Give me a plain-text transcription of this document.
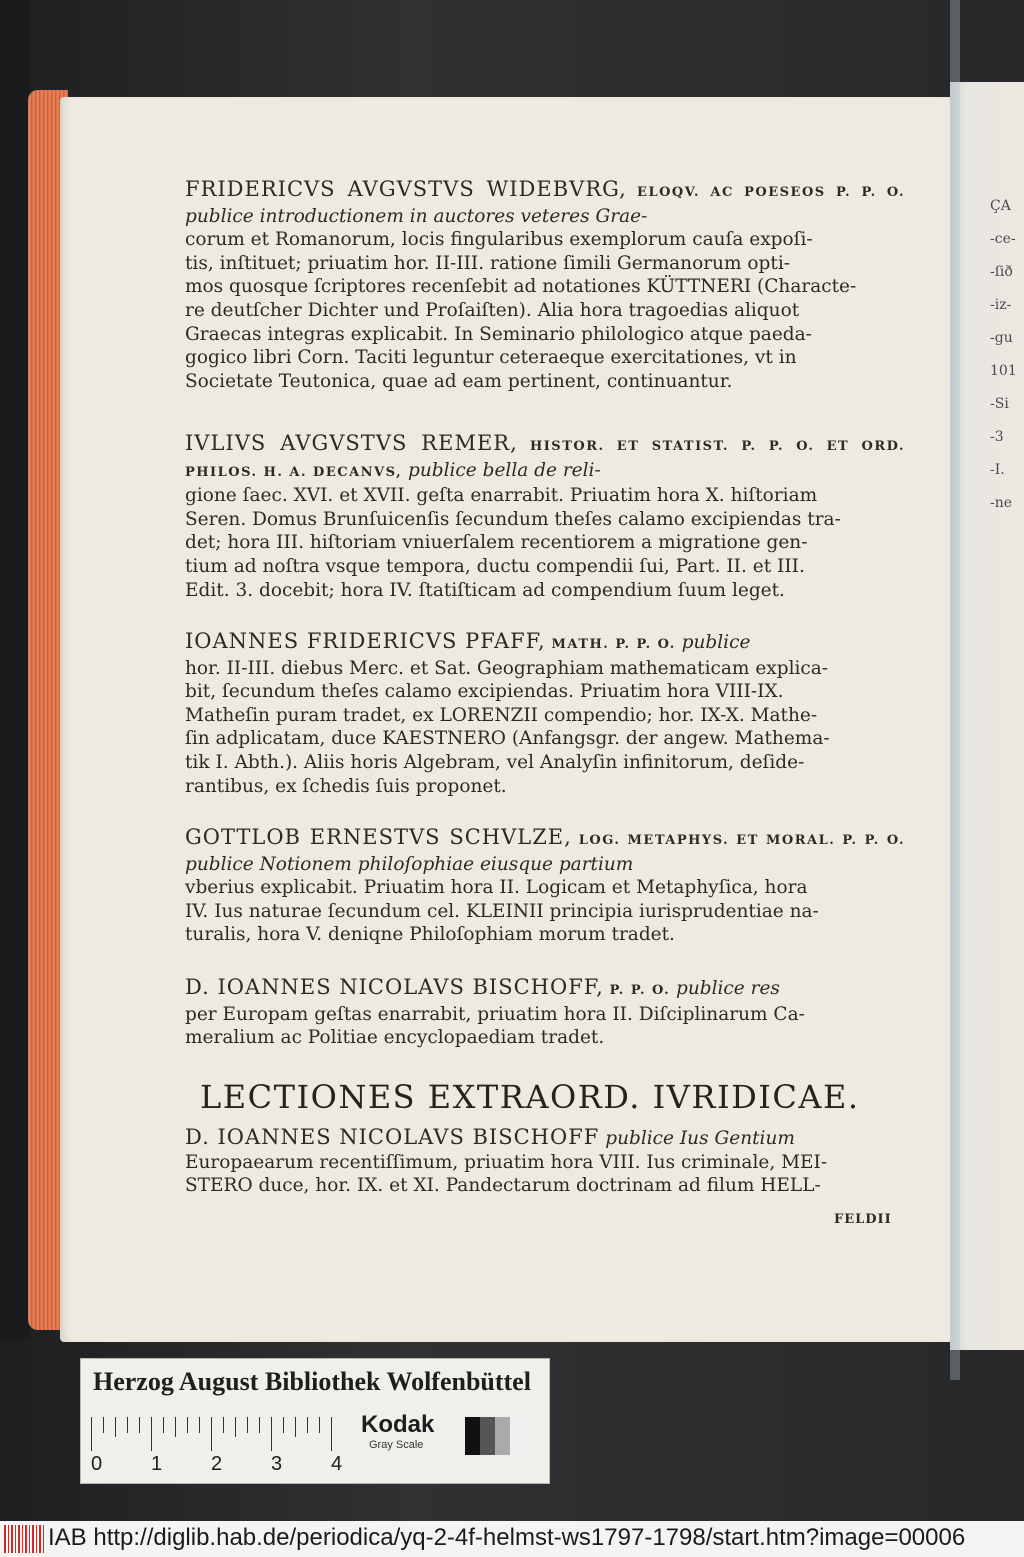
ÇA
-ce-
-ſið
-iz-
-gu
101
-Si
-3
-I.
-ne
FRIDERICVS AVGVSTVS WIDEBVRG, ELOQV. AC POESEOS P. P. O. publice introductionem in auctores veteres Grae-
corum et Romanorum, locis fingularibus exemplorum cauſa expoſi-
tis, inſtituet; priuatim hor. II-III. ratione ſimili Germanorum opti-
mos quosque ſcriptores recenſebit ad notationes KÜTTNERI (Characte-
re deutſcher Dichter und Proſaiſten). Alia hora tragoedias aliquot
Graecas integras explicabit. In Seminario philologico atque paeda-
gogico libri Corn. Taciti leguntur ceteraeque exercitationes, vt in
Societate Teutonica, quae ad eam pertinent, continuantur.
IVLIVS AVGVSTVS REMER, HISTOR. ET STATIST. P. P. O. ET ORD. PHILOS. H. A. DECANVS, publice bella de reli-
gione ſaec. XVI. et XVII. geſta enarrabit. Priuatim hora X. hiſtoriam
Seren. Domus Brunſuicenſis ſecundum theſes calamo excipiendas tra-
det; hora III. hiſtoriam vniuerſalem recentiorem a migratione gen-
tium ad noſtra vsque tempora, ductu compendii ſui, Part. II. et III.
Edit. 3. docebit; hora IV. ſtatiſticam ad compendium ſuum leget.
IOANNES FRIDERICVS PFAFF, MATH. P. P. O. publice
hor. II-III. diebus Merc. et Sat. Geographiam mathematicam explica-
bit, ſecundum theſes calamo excipiendas. Priuatim hora VIII-IX.
Matheſin puram tradet, ex LORENZII compendio; hor. IX-X. Mathe-
ſin adplicatam, duce KAESTNERO (Anfangsgr. der angew. Mathema-
tik I. Abth.). Aliis horis Algebram, vel Analyſin infinitorum, deſide-
rantibus, ex ſchedis ſuis proponet.
GOTTLOB ERNESTVS SCHVLZE, LOG. METAPHYS. ET MORAL. P. P. O. publice Notionem philoſophiae eiusque partium
vberius explicabit. Priuatim hora II. Logicam et Metaphyſica, hora
IV. Ius naturae ſecundum cel. KLEINII principia iurisprudentiae na-
turalis, hora V. deniqne Philoſophiam morum tradet.
D. IOANNES NICOLAVS BISCHOFF, P. P. O. publice res
per Europam geſtas enarrabit, priuatim hora II. Diſciplinarum Ca-
meralium ac Politiae encyclopaediam tradet.
LECTIONES EXTRAORD. IVRIDICAE.
D. IOANNES NICOLAVS BISCHOFF publice Ius Gentium
Europaearum recentiſſimum, priuatim hora VIII. Ius criminale, MEI-
STERO duce, hor. IX. et XI. Pandectarum doctrinam ad filum HELL-
FELDII
Herzog August Bibliothek Wolfenbüttel
0 1 2 3 4
Kodak
Gray Scale
IAB http://diglib.hab.de/periodica/yq-2-4f-helmst-ws1797-1798/start.htm?image=00006
